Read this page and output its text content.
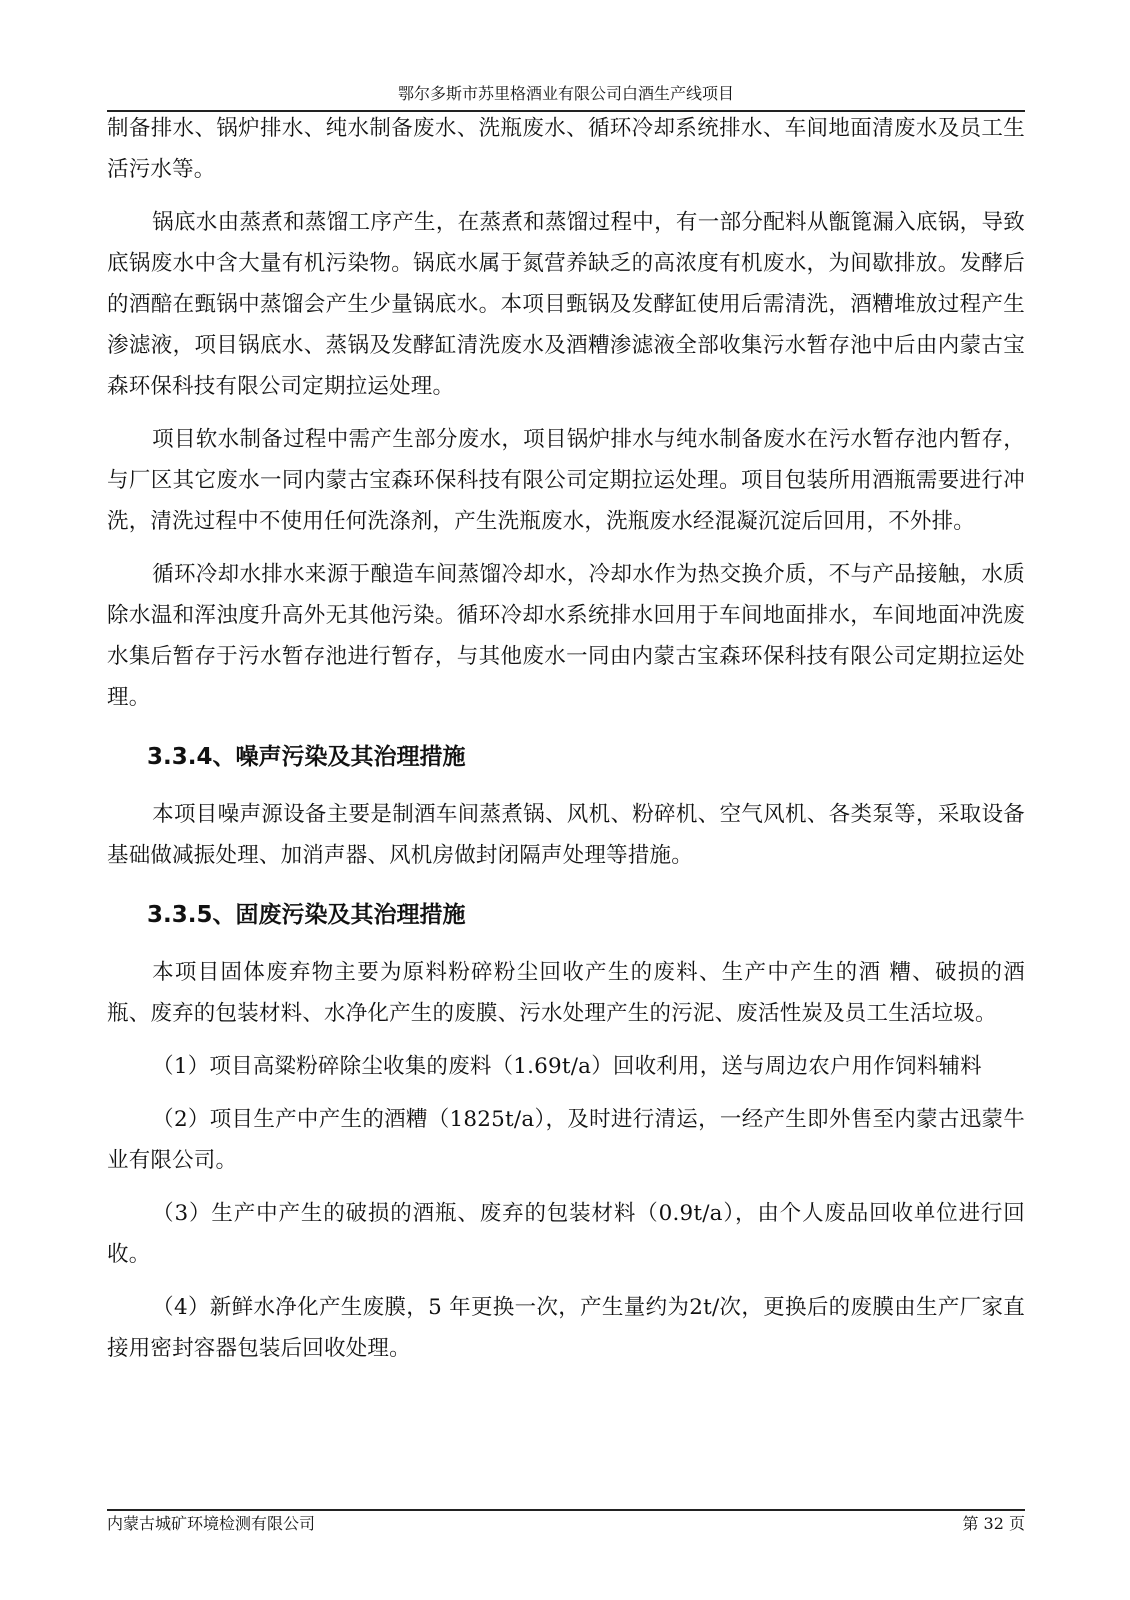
鄂尔多斯市苏里格酒业有限公司白酒生产线项目

制备排水、锅炉排水、纯水制备废水、洗瓶废水、循环冷却系统排水、车间地面清废水及员工生活污水等。

锅底水由蒸煮和蒸馏工序产生，在蒸煮和蒸馏过程中，有一部分配料从甑篦漏入底锅，导致底锅废水中含大量有机污染物。锅底水属于氮营养缺乏的高浓度有机废水，为间歇排放。发酵后的酒醅在甄锅中蒸馏会产生少量锅底水。本项目甄锅及发酵缸使用后需清洗，酒糟堆放过程产生渗滤液，项目锅底水、蒸锅及发酵缸清洗废水及酒糟渗滤液全部收集污水暂存池中后由内蒙古宝森环保科技有限公司定期拉运处理。

项目软水制备过程中需产生部分废水，项目锅炉排水与纯水制备废水在污水暂存池内暂存，与厂区其它废水一同内蒙古宝森环保科技有限公司定期拉运处理。项目包装所用酒瓶需要进行冲洗，清洗过程中不使用任何洗涤剂，产生洗瓶废水，洗瓶废水经混凝沉淀后回用，不外排。

循环冷却水排水来源于酿造车间蒸馏冷却水，冷却水作为热交换介质，不与产品接触，水质除水温和浑浊度升高外无其他污染。循环冷却水系统排水回用于车间地面排水，车间地面冲洗废水集后暂存于污水暂存池进行暂存，与其他废水一同由内蒙古宝森环保科技有限公司定期拉运处理。

3.3.4、噪声污染及其治理措施

本项目噪声源设备主要是制酒车间蒸煮锅、风机、粉碎机、空气风机、各类泵等，采取设备基础做减振处理、加消声器、风机房做封闭隔声处理等措施。

3.3.5、固废污染及其治理措施

本项目固体废弃物主要为原料粉碎粉尘回收产生的废料、生产中产生的酒 糟、破损的酒瓶、废弃的包装材料、水净化产生的废膜、污水处理产生的污泥、废活性炭及员工生活垃圾。

（1）项目高粱粉碎除尘收集的废料（1.69t/a）回收利用，送与周边农户用作饲料辅料

（2）项目生产中产生的酒糟（1825t/a），及时进行清运，一经产生即外售至内蒙古迅蒙牛业有限公司。

（3）生产中产生的破损的酒瓶、废弃的包装材料（0.9t/a），由个人废品回收单位进行回收。

（4）新鲜水净化产生废膜，5 年更换一次，产生量约为2t/次，更换后的废膜由生产厂家直接用密封容器包装后回收处理。

内蒙古城矿环境检测有限公司	第 32 页
